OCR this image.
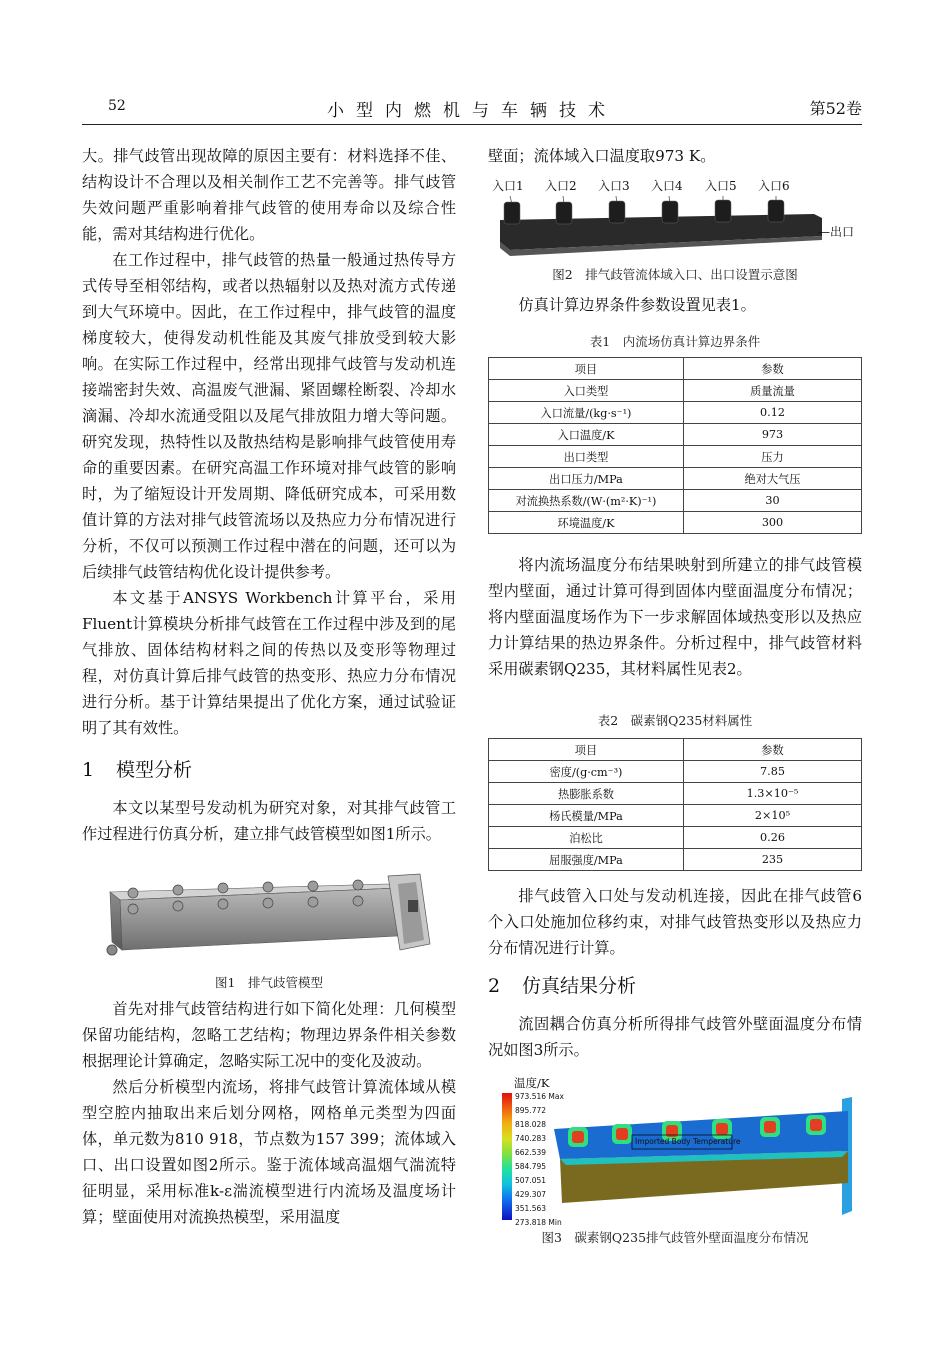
52	小型内燃机与车辆技术	第52卷

大。排气歧管出现故障的原因主要有：材料选择不佳、结构设计不合理以及相关制作工艺不完善等。排气歧管失效问题严重影响着排气歧管的使用寿命以及综合性能，需对其结构进行优化。

在工作过程中，排气歧管的热量一般通过热传导方式传导至相邻结构，或者以热辐射以及热对流方式传递到大气环境中。因此，在工作过程中，排气歧管的温度梯度较大，使得发动机性能及其废气排放受到较大影响。在实际工作过程中，经常出现排气歧管与发动机连接端密封失效、高温废气泄漏、紧固螺栓断裂、冷却水滴漏、冷却水流通受阻以及尾气排放阻力增大等问题。研究发现，热特性以及散热结构是影响排气歧管使用寿命的重要因素。在研究高温工作环境对排气歧管的影响时，为了缩短设计开发周期、降低研究成本，可采用数值计算的方法对排气歧管流场以及热应力分布情况进行分析，不仅可以预测工作过程中潜在的问题，还可以为后续排气歧管结构优化设计提供参考。

本文基于ANSYS Workbench计算平台，采用Fluent计算模块分析排气歧管在工作过程中涉及到的尾气排放、固体结构材料之间的传热以及变形等物理过程，对仿真计算后排气歧管的热变形、热应力分布情况进行分析。基于计算结果提出了优化方案，通过试验证明了其有效性。

1 模型分析

本文以某型号发动机为研究对象，对其排气歧管工作过程进行仿真分析，建立排气歧管模型如图1所示。

图1　排气歧管模型

首先对排气歧管结构进行如下简化处理：几何模型保留功能结构，忽略工艺结构；物理边界条件相关参数根据理论计算确定，忽略实际工况中的变化及波动。

然后分析模型内流场，将排气歧管计算流体域从模型空腔内抽取出来后划分网格，网格单元类型为四面体，单元数为810 918，节点数为157 399；流体域入口、出口设置如图2所示。鉴于流体域高温烟气湍流特征明显，采用标准k-ε湍流模型进行内流场及温度场计算；壁面使用对流换热模型，采用温度

壁面；流体域入口温度取973 K。

入口1 入口2 入口3 入口4 入口5 入口6
—出口
图2　排气歧管流体域入口、出口设置示意图

仿真计算边界条件参数设置见表1。

表1　内流场仿真计算边界条件
项目	参数
入口类型	质量流量
入口流量/(kg·s⁻¹)	0.12
入口温度/K	973
出口类型	压力
出口压力/MPa	绝对大气压
对流换热系数/(W·(m²·K)⁻¹)	30
环境温度/K	300

将内流场温度分布结果映射到所建立的排气歧管模型内壁面，通过计算可得到固体内壁面温度分布情况；将内壁面温度场作为下一步求解固体域热变形以及热应力计算结果的热边界条件。分析过程中，排气歧管材料采用碳素钢Q235，其材料属性见表2。

表2　碳素钢Q235材料属性
项目	参数
密度/(g·cm⁻³)	7.85
热膨胀系数	1.3×10⁻⁵
杨氏模量/MPa	2×10⁵
泊松比	0.26
屈服强度/MPa	235

排气歧管入口处与发动机连接，因此在排气歧管6个入口处施加位移约束，对排气歧管热变形以及热应力分布情况进行计算。

2 仿真结果分析

流固耦合仿真分析所得排气歧管外壁面温度分布情况如图3所示。

温度/K
973.516 Max
895.772
818.028
740.283
662.539
584.795
507.051
429.307
351.563
273.818 Min
Imported Body Temperature
图3　碳素钢Q235排气歧管外壁面温度分布情况
